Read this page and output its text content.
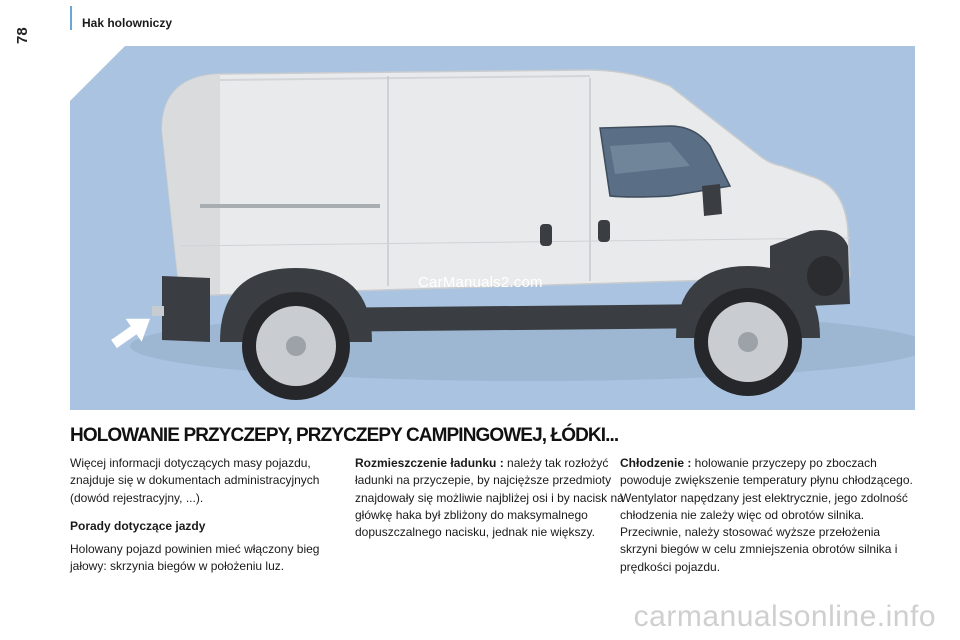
Hak holowniczy
78
CarManuals2.com
HOLOWANIE PRZYCZEPY, PRZYCZEPY CAMPINGOWEJ, ŁÓDKI...

Więcej informacji dotyczących masy pojazdu, znajduje się w dokumentach administracyjnych (dowód rejestracyjny, ...).

Porady dotyczące jazdy

Holowany pojazd powinien mieć włączony bieg jałowy: skrzynia biegów w położeniu luz.

Rozmieszczenie ładunku : należy tak rozłożyć ładunki na przyczepie, by najcięższe przedmioty znajdowały się możliwie najbliżej osi i by nacisk na główkę haka był zbliżony do maksymalnego dopuszczalnego nacisku, jednak nie większy.

Chłodzenie : holowanie przyczepy po zboczach powoduje zwiększenie temperatury płynu chłodzącego. Wentylator napędzany jest elektrycznie, jego zdolność chłodzenia nie zależy więc od obrotów silnika. Przeciwnie, należy stosować wyższe przełożenia skrzyni biegów w celu zmniejszenia obrotów silnika i prędkości pojazdu.

carmanualsonline.info
